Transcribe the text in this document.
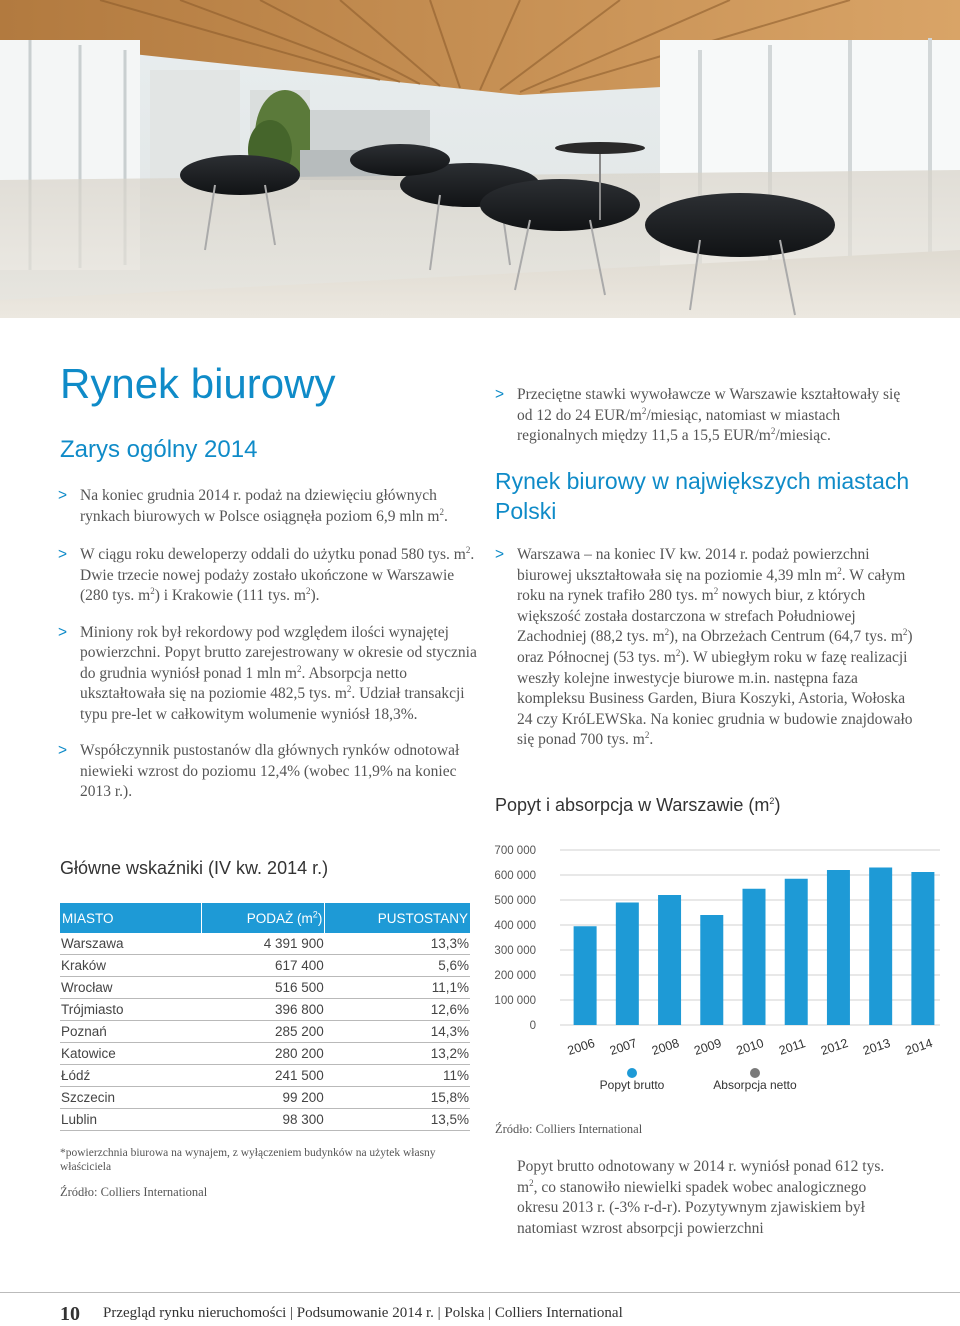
Rynek biurowy
Zarys ogólny 2014
> Na koniec grudnia 2014 r. podaż na dziewięciu głównych rynkach biurowych w Polsce osiągnęła poziom 6,9 mln $m^2$.
> W ciągu roku deweloperzy oddali do użytku ponad 580 tys. $m^2$. Dwie trzecie nowej podaży zostało ukończone w Warszawie (280 tys. $m^2$) i Krakowie (111 tys. $m^2$).
> Miniony rok był rekordowy pod względem ilości wynajętej powierzchni. Popyt brutto zarejestrowany w okresie od stycznia do grudnia wyniósł ponad 1 mln $m^2$. Absorpcja netto ukształtowała się na poziomie 482,5 tys. $m^2$. Udział transakcji typu pre-let w całkowitym wolumenie wyniósł 18,3%.
> Współczynnik pustostanów dla głównych rynków odnotował niewieki wzrost do poziomu 12,4% (wobec 11,9% na koniec 2013 r.).
> Przeciętne stawki wywoławcze w Warszawie kształtowały się od 12 do 24 EUR/$m^2$/miesiąc, natomiast w miastach regionalnych między 11,5 a 15,5 EUR/$m^2$/miesiąc.
Rynek biurowy w największych miastach Polski
> Warszawa – na koniec IV kw. 2014 r. podaż powierzchni biurowej ukształtowała się na poziomie 4,39 mln $m^2$. W całym roku na rynek trafiło 280 tys. $m^2$ nowych biur, z których większość została dostarczona w strefach Południowej Zachodniej (88,2 tys. $m^2$), na Obrzeżach Centrum (64,7 tys. $m^2$) oraz Północnej (53 tys. $m^2$). W ubiegłym roku w fazę realizacji weszły kolejne inwestycje biurowe m.in. następna faza kompleksu Business Garden, Biura Koszyki, Astoria, Wołoska 24 czy KróLEWSka. Na koniec grudnia w budowie znajdowało się ponad 700 tys. $m^2$.
Popyt i absorpcja w Warszawie $(m^2)$
700 000
600 000
500 000
400 000
300 000
200 000
100 000
0
2006 2007 2008 2009 2010 2011 2012 2013 2014
Popyt brutto	Absorpcja netto
Źródło: Colliers International
Główne wskaźniki (IV kw. 2014 r.)
MIASTO	PODAŻ $(m^2)$	PUSTOSTANY
Warszawa	4 391 900	13,3%
Kraków	617 400	5,6%
Wrocław	516 500	11,1%
Trójmiasto	396 800	12,6%
Poznań	285 200	14,3%
Katowice	280 200	13,2%
Łódź	241 500	11%
Szczecin	99 200	15,8%
Lublin	98 300	13,5%
*powierzchnia biurowa na wynajem, z wyłączeniem budynków na użytek własny właściciela
Źródło: Colliers International
Popyt brutto odnotowany w 2014 r. wyniósł ponad 612 tys. $m^2$, co stanowiło niewielki spadek wobec analogicznego okresu 2013 r. (-3% r-d-r). Pozytywnym zjawiskiem był natomiast wzrost absorpcji powierzchni
10 Przegląd rynku nieruchomości | Podsumowanie 2014 r. | Polska | Colliers International
